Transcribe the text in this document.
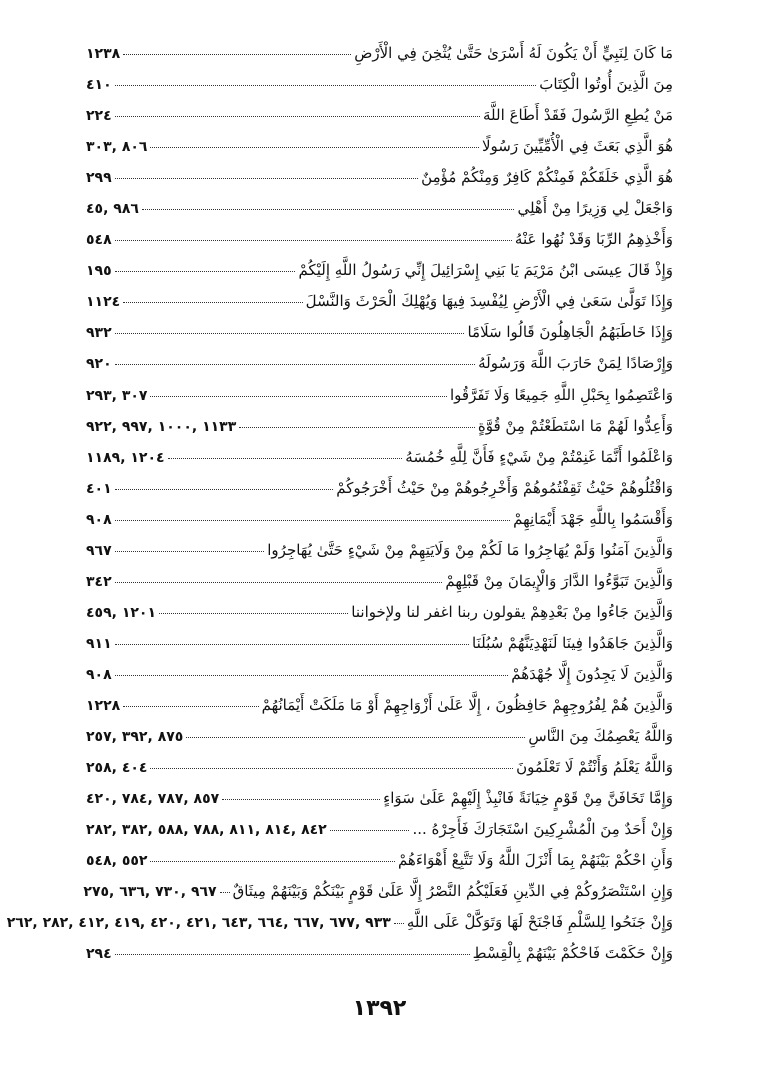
مَا كَانَ لِنَبِيٍّ أَنْ يَكُونَ لَهُ أَسْرَىٰ حَتَّىٰ يُثْخِنَ فِي الْأَرْضِ
١٢٣٨
مِنَ الَّذِينَ أُوتُوا الْكِتَابَ
٤١٠
مَنْ يُطِعِ الرَّسُولَ فَقَدْ أَطَاعَ اللَّهَ
٢٢٤
هُوَ الَّذِي بَعَثَ فِي الْأُمِّيِّينَ رَسُولًا
٨٠٦ ,٣٠٣
هُوَ الَّذِي خَلَقَكُمْ فَمِنْكُمْ كَافِرٌ وَمِنْكُمْ مُؤْمِنٌ
٢٩٩
وَاجْعَلْ لِي وَزِيرًا مِنْ أَهْلِي
٩٨٦ ,٤٥
وَأَخْذِهِمُ الرِّبَا وَقَدْ نُهُوا عَنْهُ
٥٤٨
وَإِذْ قَالَ عِيسَى ابْنُ مَرْيَمَ يَا بَنِي إِسْرَائِيلَ إِنِّي رَسُولُ اللَّهِ إِلَيْكُمْ
١٩٥
وَإِذَا تَوَلَّىٰ سَعَىٰ فِي الْأَرْضِ لِيُفْسِدَ فِيهَا وَيُهْلِكَ الْحَرْثَ وَالنَّسْلَ
١١٢٤
وَإِذَا خَاطَبَهُمُ الْجَاهِلُونَ قَالُوا سَلَامًا
٩٣٢
وَإِرْصَادًا لِمَنْ حَارَبَ اللَّهَ وَرَسُولَهُ
٩٢٠
وَاعْتَصِمُوا بِحَبْلِ اللَّهِ جَمِيعًا وَلَا تَفَرَّقُوا
٣٠٧ ,٢٩٣
وَأَعِدُّوا لَهُمْ مَا اسْتَطَعْتُمْ مِنْ قُوَّةٍ
١١٣٣ ,١٠٠٠ ,٩٩٧ ,٩٢٢
وَاعْلَمُوا أَنَّمَا غَنِمْتُمْ مِنْ شَيْءٍ فَأَنَّ لِلَّهِ خُمُسَهُ
١٢٠٤ ,١١٨٩
وَاقْتُلُوهُمْ حَيْثُ ثَقِفْتُمُوهُمْ وَأَخْرِجُوهُمْ مِنْ حَيْثُ أَخْرَجُوكُمْ
٤٠١
وَأَقْسَمُوا بِاللَّهِ جَهْدَ أَيْمَانِهِمْ
٩٠٨
وَالَّذِينَ آمَنُوا وَلَمْ يُهَاجِرُوا مَا لَكُمْ مِنْ وَلَايَتِهِمْ مِنْ شَيْءٍ حَتَّىٰ يُهَاجِرُوا
٩٦٧
وَالَّذِينَ تَبَوَّءُوا الدَّارَ وَالْإِيمَانَ مِنْ قَبْلِهِمْ
٣٤٢
وَالَّذِينَ جَاءُوا مِنْ بَعْدِهِمْ يقولون ربنا اغفر لنا ولإخواننا
١٢٠١ ,٤٥٩
وَالَّذِينَ جَاهَدُوا فِينَا لَنَهْدِيَنَّهُمْ سُبُلَنَا
٩١١
وَالَّذِينَ لَا يَجِدُونَ إِلَّا جُهْدَهُمْ
٩٠٨
وَالَّذِينَ هُمْ لِفُرُوجِهِمْ حَافِظُونَ ، إِلَّا عَلَىٰ أَزْوَاجِهِمْ أَوْ مَا مَلَكَتْ أَيْمَانُهُمْ
١٢٢٨
وَاللَّهُ يَعْصِمُكَ مِنَ النَّاسِ
٨٧٥ ,٣٩٢ ,٢٥٧
وَاللَّهُ يَعْلَمُ وَأَنْتُمْ لَا تَعْلَمُونَ
٤٠٤ ,٢٥٨
وَإِمَّا تَخَافَنَّ مِنْ قَوْمٍ خِيَانَةً فَانْبِذْ إِلَيْهِمْ عَلَىٰ سَوَاءٍ
٨٥٧ ,٧٨٧ ,٧٨٤ ,٤٢٠
وَإِنْ أَحَدٌ مِنَ الْمُشْرِكِينَ اسْتَجَارَكَ فَأَجِرْهُ ...
٨٤٢ ,٨١٤ ,٨١١ ,٧٨٨ ,٥٨٨ ,٣٨٢ ,٢٨٢
وَأَنِ احْكُمْ بَيْنَهُمْ بِمَا أَنْزَلَ اللَّهُ وَلَا تَتَّبِعْ أَهْوَاءَهُمْ
٥٥٢ ,٥٤٨
وَإِنِ اسْتَنْصَرُوكُمْ فِي الدِّينِ فَعَلَيْكُمُ النَّصْرُ إِلَّا عَلَىٰ قَوْمٍ بَيْنَكُمْ وَبَيْنَهُمْ مِيثَاقٌ
٩٦٧ ,٧٣٠ ,٦٣٦ ,٢٧٥
وَإِنْ جَنَحُوا لِلسَّلْمِ فَاجْنَحْ لَهَا وَتَوَكَّلْ عَلَى اللَّهِ
٩٣٣ ,٦٧٧ ,٦٦٧ ,٦٦٤ ,٦٤٣ ,٤٢١ ,٤٢٠ ,٤١٩ ,٤١٢ ,٢٨٢ ,٢٦٢
وَإِنْ حَكَمْتَ فَاحْكُمْ بَيْنَهُمْ بِالْقِسْطِ
٢٩٤
١٣٩٢
